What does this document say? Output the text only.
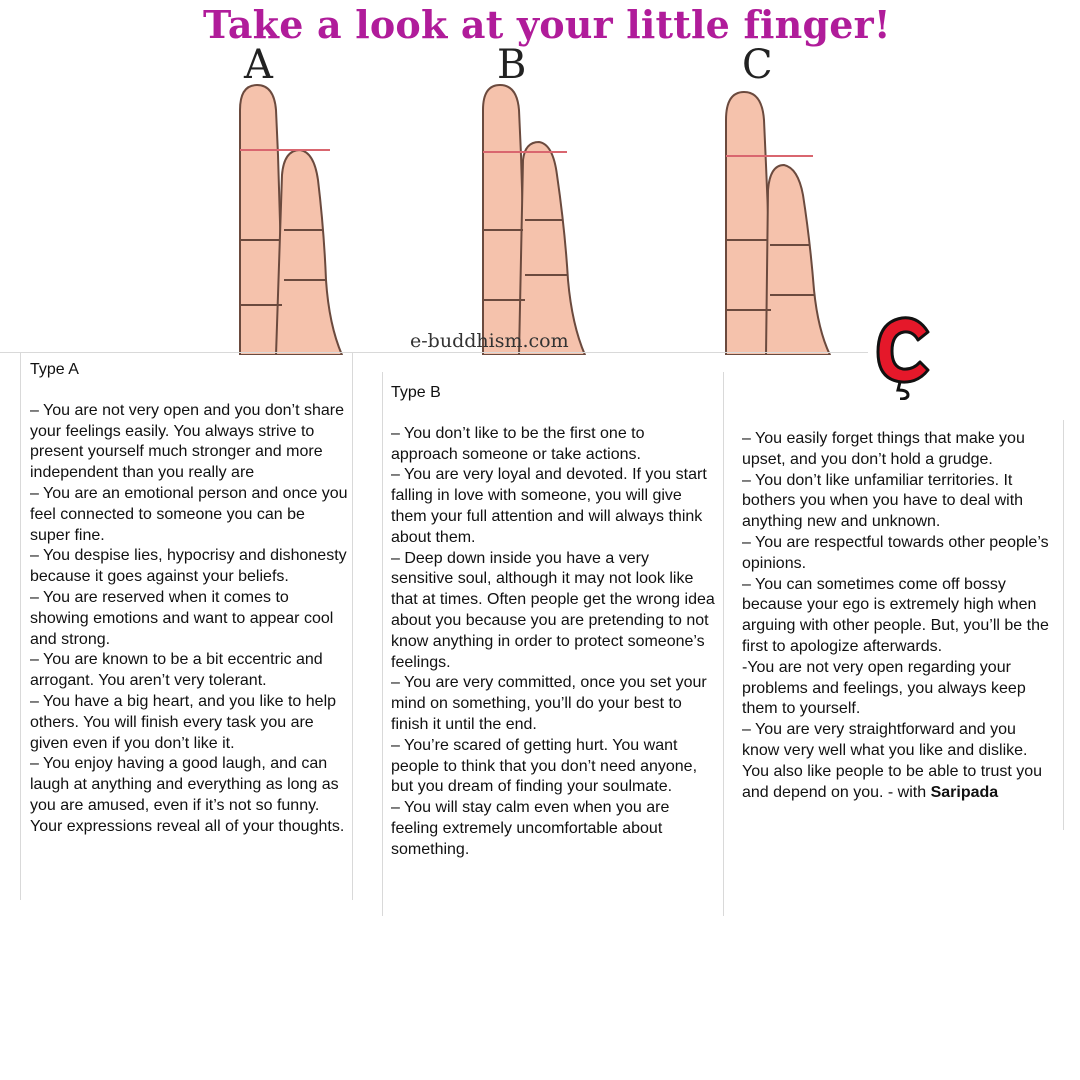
Take a look at your little finger!
A	B	C
e-buddhism.com

Type A

– You are not very open and you don’t share your feelings easily. You always strive to present yourself much stronger and more independent than you really are

– You are an emotional person and once you feel connected to someone you can be super fine.

– You despise lies, hypocrisy and dishonesty because it goes against your beliefs.

– You are reserved when it comes to showing emotions and want to appear cool and strong.

– You are known to be a bit eccentric and arrogant. You aren’t very tolerant.

– You have a big heart, and you like to help others. You will finish every task you are given even if you don’t like it.

– You enjoy having a good laugh, and can laugh at anything and everything as long as you are amused, even if it’s not so funny. Your expressions reveal all of your thoughts.

Type B

– You don’t like to be the first one to approach someone or take actions.

– You are very loyal and devoted. If you start falling in love with someone, you will give them your full attention and will always think about them.

– Deep down inside you have a very sensitive soul, although it may not look like that at times. Often people get the wrong idea about you because you are pretending to not know anything in order to protect someone’s feelings.

– You are very committed, once you set your mind on something, you’ll do your best to finish it until the end.

– You’re scared of getting hurt. You want people to think that you don’t need anyone, but you dream of finding your soulmate.

– You will stay calm even when you are feeling extremely uncomfortable about something.

– You easily forget things that make you upset, and you don’t hold a grudge.

– You don’t like unfamiliar territories. It bothers you when you have to deal with anything new and unknown.

– You are respectful towards other people’s opinions.

– You can sometimes come off bossy because your ego is extremely high when arguing with other people. But, you’ll be the first to apologize afterwards.

-You are not very open regarding your problems and feelings, you always keep them to yourself.

– You are very straightforward and you know very well what you like and dislike. You also like people to be able to trust you and depend on you. - with Saripada
